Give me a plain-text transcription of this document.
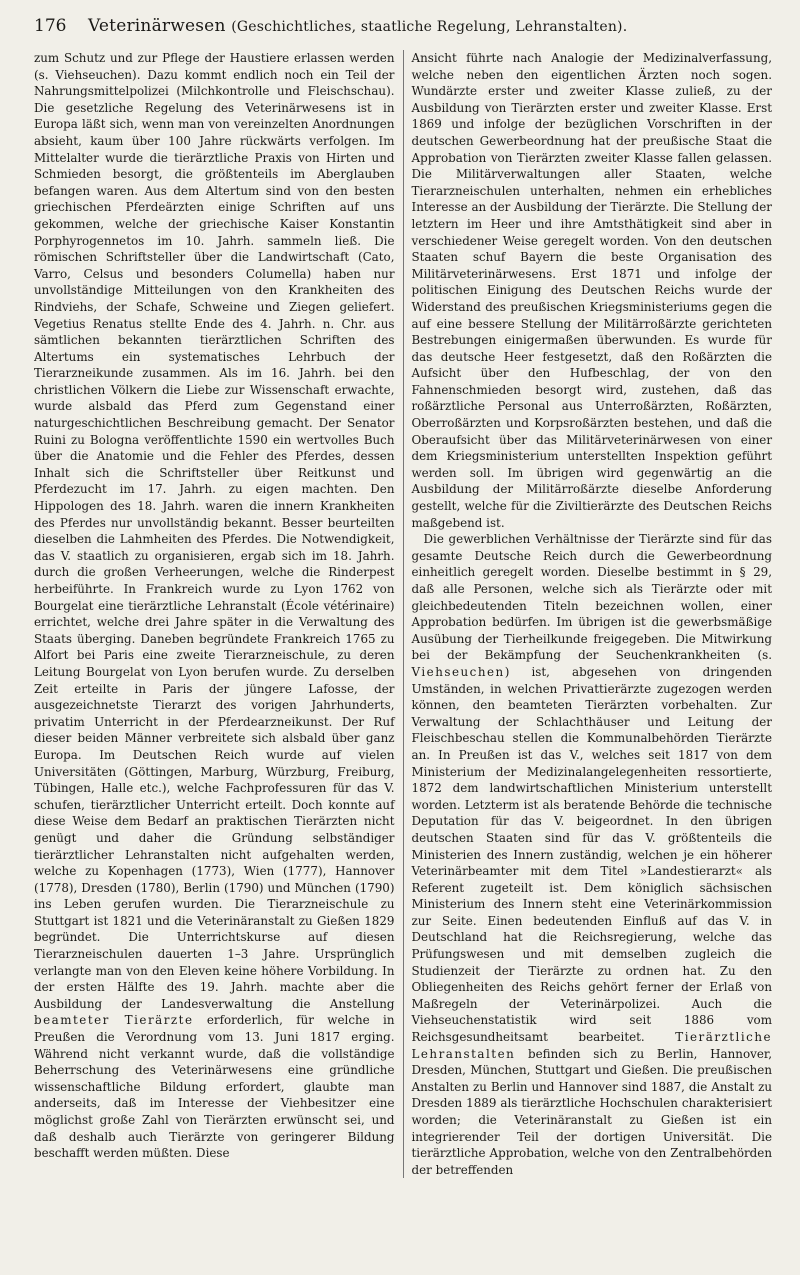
176	Veterinärwesen (Geschichtliches, staatliche Regelung, Lehranstalten).

zum Schutz und zur Pflege der Haustiere erlassen werden (s. Viehseuchen). Dazu kommt endlich noch ein Teil der Nahrungsmittelpolizei (Milchkontrolle und Fleischschau). Die gesetzliche Regelung des Veterinärwesens ist in Europa läßt sich, wenn man von vereinzelten Anordnungen absieht, kaum über 100 Jahre rückwärts verfolgen. Im Mittelalter wurde die tierärztliche Praxis von Hirten und Schmieden besorgt, die größtenteils im Aberglauben befangen waren. Aus dem Altertum sind von den besten griechischen Pferdeärzten einige Schriften auf uns gekommen, welche der griechische Kaiser Konstantin Porphyrogennetos im 10. Jahrh. sammeln ließ. Die römischen Schriftsteller über die Landwirtschaft (Cato, Varro, Celsus und besonders Columella) haben nur unvollständige Mitteilungen von den Krankheiten des Rindviehs, der Schafe, Schweine und Ziegen geliefert. Vegetius Renatus stellte Ende des 4. Jahrh. n. Chr. aus sämtlichen bekannten tierärztlichen Schriften des Altertums ein systematisches Lehrbuch der Tierarzneikunde zusammen. Als im 16. Jahrh. bei den christlichen Völkern die Liebe zur Wissenschaft erwachte, wurde alsbald das Pferd zum Gegenstand einer naturgeschichtlichen Beschreibung gemacht. Der Senator Ruini zu Bologna veröffentlichte 1590 ein wertvolles Buch über die Anatomie und die Fehler des Pferdes, dessen Inhalt sich die Schriftsteller über Reitkunst und Pferdezucht im 17. Jahrh. zu eigen machten. Den Hippologen des 18. Jahrh. waren die innern Krankheiten des Pferdes nur unvollständig bekannt. Besser beurteilten dieselben die Lahmheiten des Pferdes. Die Notwendigkeit, das V. staatlich zu organisieren, ergab sich im 18. Jahrh. durch die großen Verheerungen, welche die Rinderpest herbeiführte. In Frankreich wurde zu Lyon 1762 von Bourgelat eine tierärztliche Lehranstalt (École vétérinaire) errichtet, welche drei Jahre später in die Verwaltung des Staats überging. Daneben begründete Frankreich 1765 zu Alfort bei Paris eine zweite Tierarzneischule, zu deren Leitung Bourgelat von Lyon berufen wurde. Zu derselben Zeit erteilte in Paris der jüngere Lafosse, der ausgezeichnetste Tierarzt des vorigen Jahrhunderts, privatim Unterricht in der Pferdearzneikunst. Der Ruf dieser beiden Männer verbreitete sich alsbald über ganz Europa. Im Deutschen Reich wurde auf vielen Universitäten (Göttingen, Marburg, Würzburg, Freiburg, Tübingen, Halle etc.), welche Fachprofessuren für das V. schufen, tierärztlicher Unterricht erteilt. Doch konnte auf diese Weise dem Bedarf an praktischen Tierärzten nicht genügt und daher die Gründung selbständiger tierärztlicher Lehranstalten nicht aufgehalten werden, welche zu Kopenhagen (1773), Wien (1777), Hannover (1778), Dresden (1780), Berlin (1790) und München (1790) ins Leben gerufen wurden. Die Tierarzneischule zu Stuttgart ist 1821 und die Veterinäranstalt zu Gießen 1829 begründet. Die Unterrichtskurse auf diesen Tierarzneischulen dauerten 1–3 Jahre. Ursprünglich verlangte man von den Eleven keine höhere Vorbildung. In der ersten Hälfte des 19. Jahrh. machte aber die Ausbildung der Landesverwaltung die Anstellung beamteter Tierärzte erforderlich, für welche in Preußen die Verordnung vom 13. Juni 1817 erging. Während nicht verkannt wurde, daß die vollständige Beherrschung des Veterinärwesens eine gründliche wissenschaftliche Bildung erfordert, glaubte man anderseits, daß im Interesse der Viehbesitzer eine möglichst große Zahl von Tierärzten erwünscht sei, und daß deshalb auch Tierärzte von geringerer Bildung beschafft werden müßten. Diese

Ansicht führte nach Analogie der Medizinalverfassung, welche neben den eigentlichen Ärzten noch sogen. Wundärzte erster und zweiter Klasse zuließ, zu der Ausbildung von Tierärzten erster und zweiter Klasse. Erst 1869 und infolge der bezüglichen Vorschriften in der deutschen Gewerbeordnung hat der preußische Staat die Approbation von Tierärzten zweiter Klasse fallen gelassen. Die Militärverwaltungen aller Staaten, welche Tierarzneischulen unterhalten, nehmen ein erhebliches Interesse an der Ausbildung der Tierärzte. Die Stellung der letztern im Heer und ihre Amtsthätigkeit sind aber in verschiedener Weise geregelt worden. Von den deutschen Staaten schuf Bayern die beste Organisation des Militärveterinärwesens. Erst 1871 und infolge der politischen Einigung des Deutschen Reichs wurde der Widerstand des preußischen Kriegsministeriums gegen die auf eine bessere Stellung der Militärroßärzte gerichteten Bestrebungen einigermaßen überwunden. Es wurde für das deutsche Heer festgesetzt, daß den Roßärzten die Aufsicht über den Hufbeschlag, der von den Fahnenschmieden besorgt wird, zustehen, daß das roßärztliche Personal aus Unterroßärzten, Roßärzten, Oberroßärzten und Korpsroßärzten bestehen, und daß die Oberaufsicht über das Militärveterinärwesen von einer dem Kriegsministerium unterstellten Inspektion geführt werden soll. Im übrigen wird gegenwärtig an die Ausbildung der Militärroßärzte dieselbe Anforderung gestellt, welche für die Ziviltierärzte des Deutschen Reichs maßgebend ist.

Die gewerblichen Verhältnisse der Tierärzte sind für das gesamte Deutsche Reich durch die Gewerbeordnung einheitlich geregelt worden. Dieselbe bestimmt in § 29, daß alle Personen, welche sich als Tierärzte oder mit gleichbedeutenden Titeln bezeichnen wollen, einer Approbation bedürfen. Im übrigen ist die gewerbsmäßige Ausübung der Tierheilkunde freigegeben. Die Mitwirkung bei der Bekämpfung der Seuchenkrankheiten (s. Viehseuchen) ist, abgesehen von dringenden Umständen, in welchen Privattierärzte zugezogen werden können, den beamteten Tierärzten vorbehalten. Zur Verwaltung der Schlachthäuser und Leitung der Fleischbeschau stellen die Kommunalbehörden Tierärzte an. In Preußen ist das V., welches seit 1817 von dem Ministerium der Medizinalangelegenheiten ressortierte, 1872 dem landwirtschaftlichen Ministerium unterstellt worden. Letzterm ist als beratende Behörde die technische Deputation für das V. beigeordnet. In den übrigen deutschen Staaten sind für das V. größtenteils die Ministerien des Innern zuständig, welchen je ein höherer Veterinärbeamter mit dem Titel »Landestierarzt« als Referent zugeteilt ist. Dem königlich sächsischen Ministerium des Innern steht eine Veterinärkommission zur Seite. Einen bedeutenden Einfluß auf das V. in Deutschland hat die Reichsregierung, welche das Prüfungswesen und mit demselben zugleich die Studienzeit der Tierärzte zu ordnen hat. Zu den Obliegenheiten des Reichs gehört ferner der Erlaß von Maßregeln der Veterinärpolizei. Auch die Viehseuchenstatistik wird seit 1886 vom Reichsgesundheitsamt bearbeitet.	Tierärztliche Lehranstalten befinden sich zu Berlin, Hannover, Dresden, München, Stuttgart und Gießen. Die preußischen Anstalten zu Berlin und Hannover sind 1887, die Anstalt zu Dresden 1889 als tierärztliche Hochschulen charakterisiert worden; die Veterinäranstalt zu Gießen ist ein integrierender Teil der dortigen Universität. Die tierärztliche Approbation, welche von den Zentralbehörden der betreffenden
